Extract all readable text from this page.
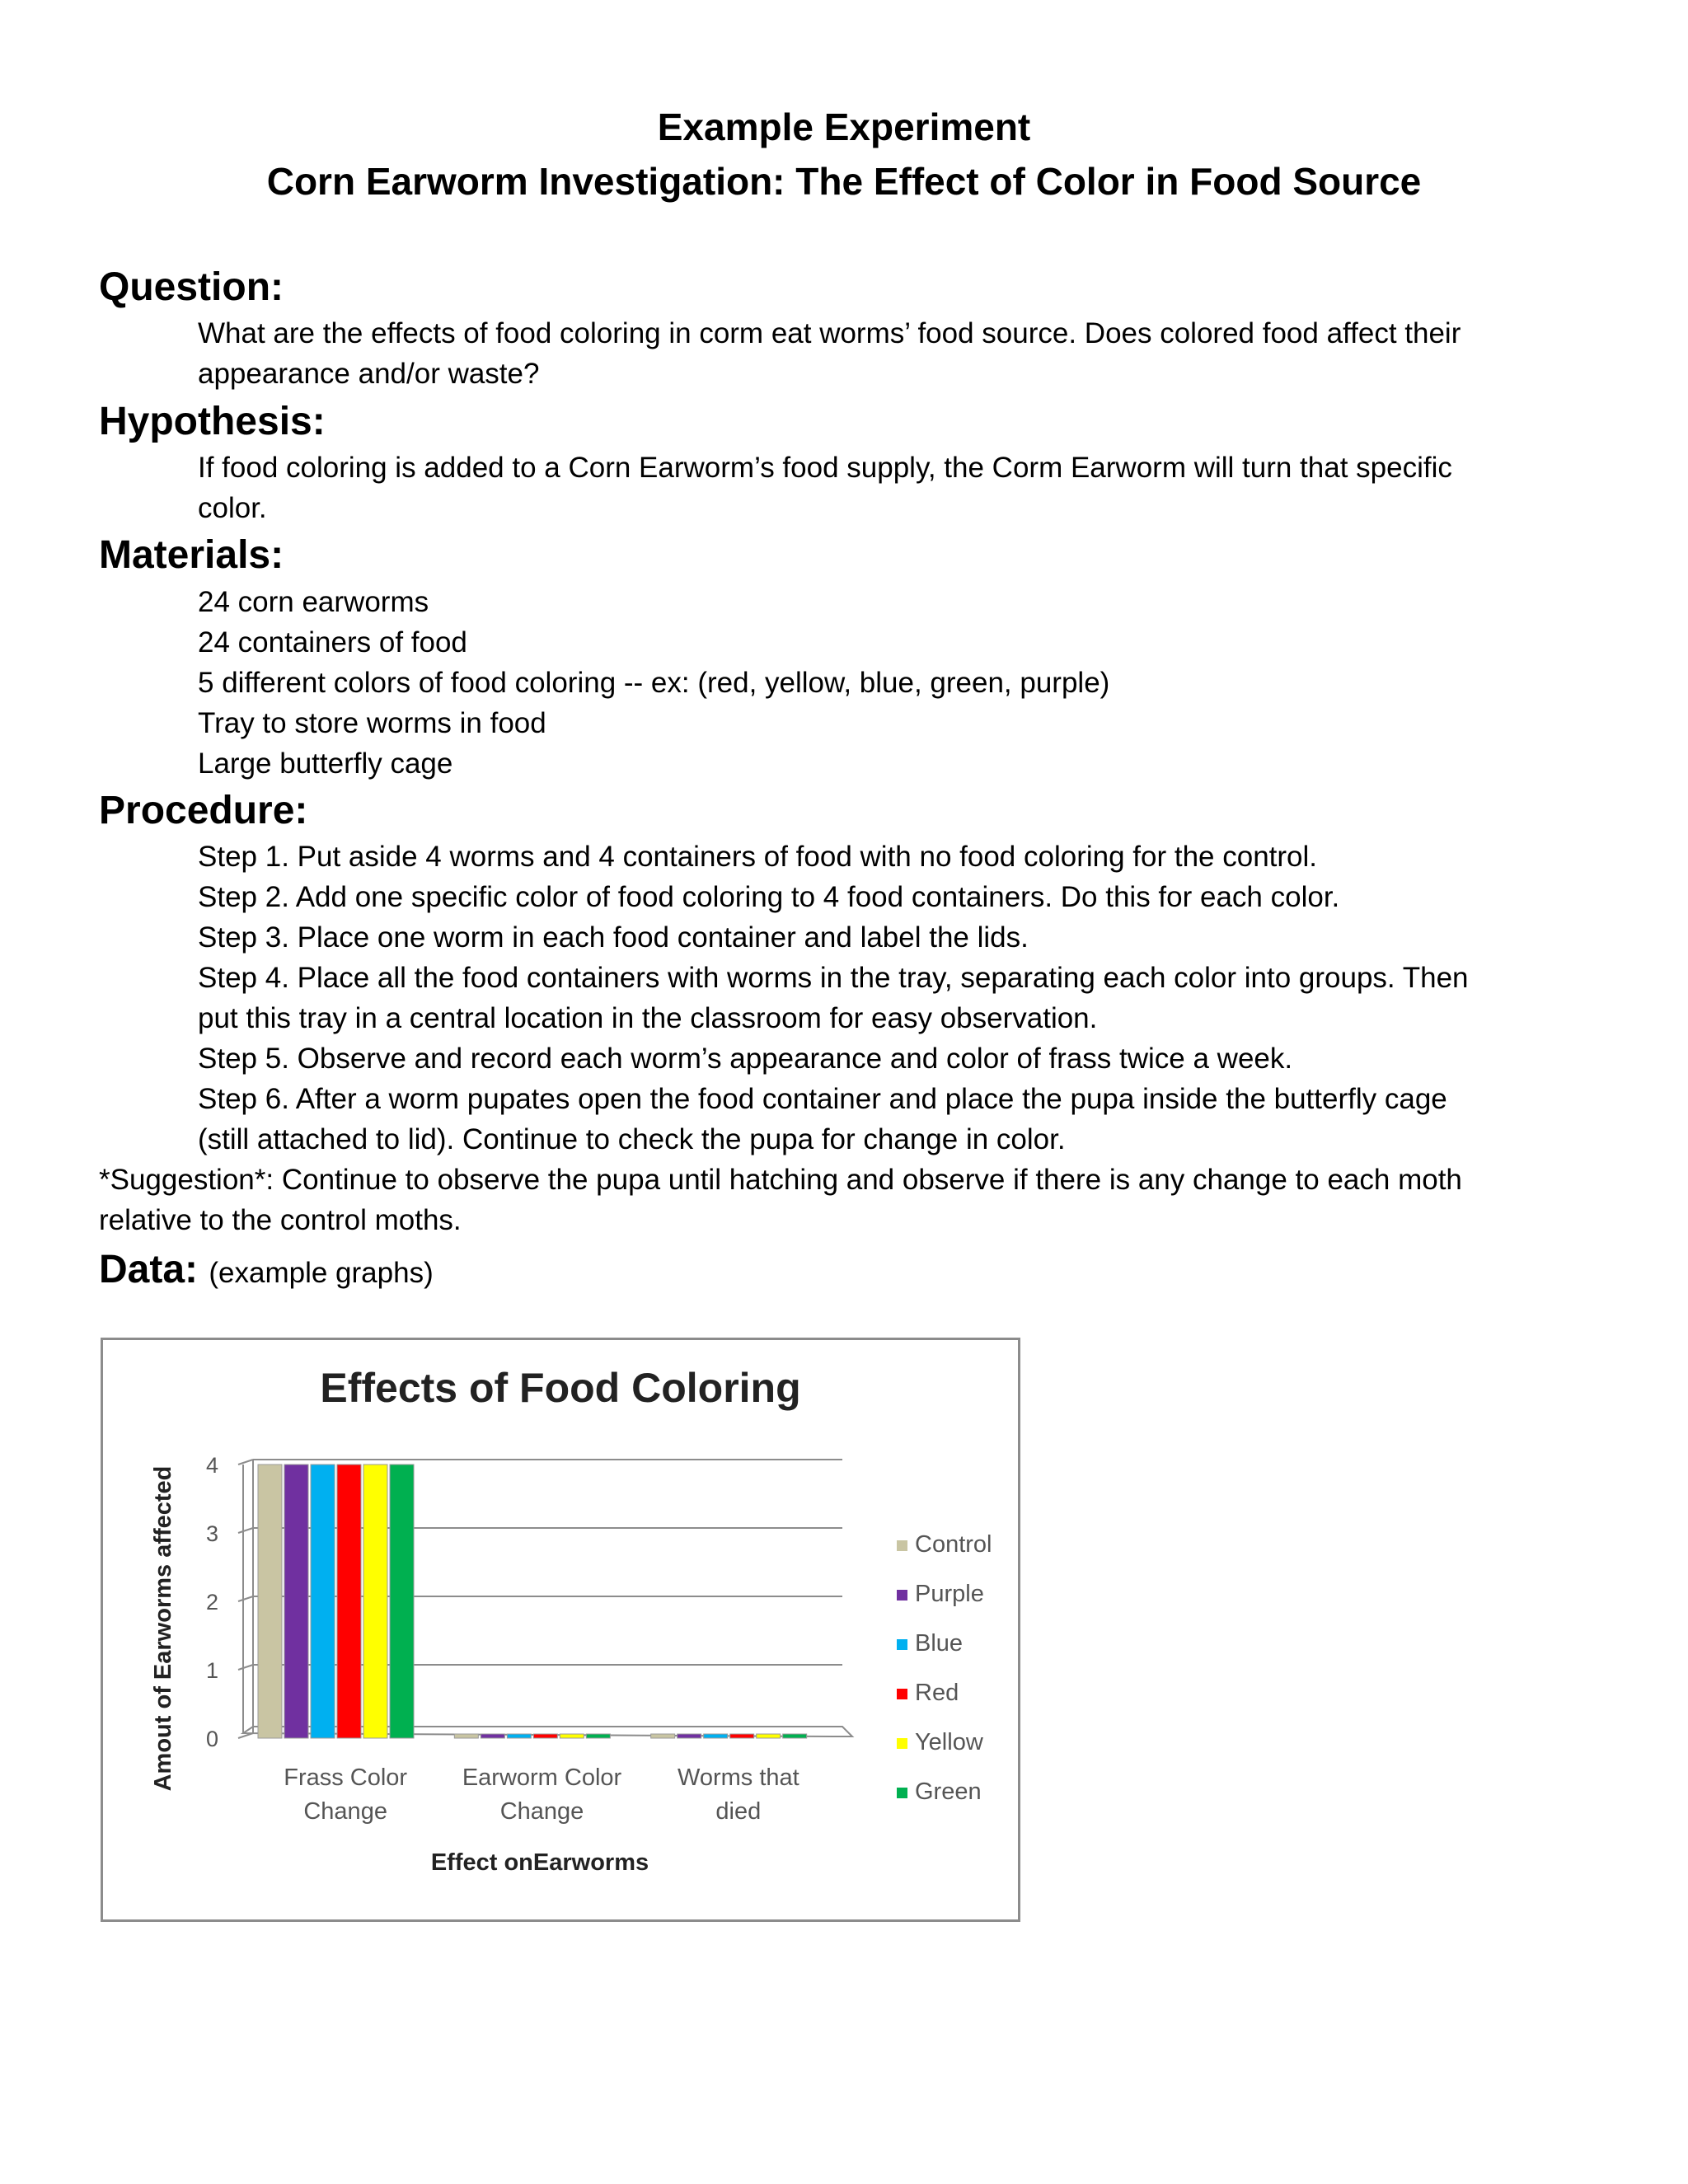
Example Experiment
Corn Earworm Investigation: The Effect of Color in Food Source
Question:
What are the effects of food coloring in corm eat worms’ food source. Does colored food affect their
appearance and/or waste?
Hypothesis:
If food coloring is added to a Corn Earworm’s food supply, the Corm Earworm will turn that specific
color.
Materials:
24 corn earworms
24 containers of food
5 different colors of food coloring -- ex: (red, yellow, blue, green, purple)
Tray to store worms in food
Large butterfly cage
Procedure:
Step 1. Put aside 4 worms and 4 containers of food with no food coloring for the control.
Step 2. Add one specific color of food coloring to 4 food containers. Do this for each color.
Step 3. Place one worm in each food container and label the lids.
Step 4. Place all the food containers with worms in the tray, separating each color into groups. Then
put this tray in a central location in the classroom for easy observation.
Step 5. Observe and record each worm’s appearance and color of frass twice a week.
Step 6. After a worm pupates open the food container and place the pupa inside the butterfly cage
(still attached to lid). Continue to check the pupa for change in color.
*Suggestion*: Continue to observe the pupa until hatching and observe if there is any change to each moth
relative to the control moths.
Data: (example graphs)
Effects of Food Coloring
0
1
2
3
4
Amout of Earworms affected	Frass Color
Change
Earworm Color
Change
Worms that
died
Effect onEarworms
Control
Purple
Blue
Red
Yellow
Green
